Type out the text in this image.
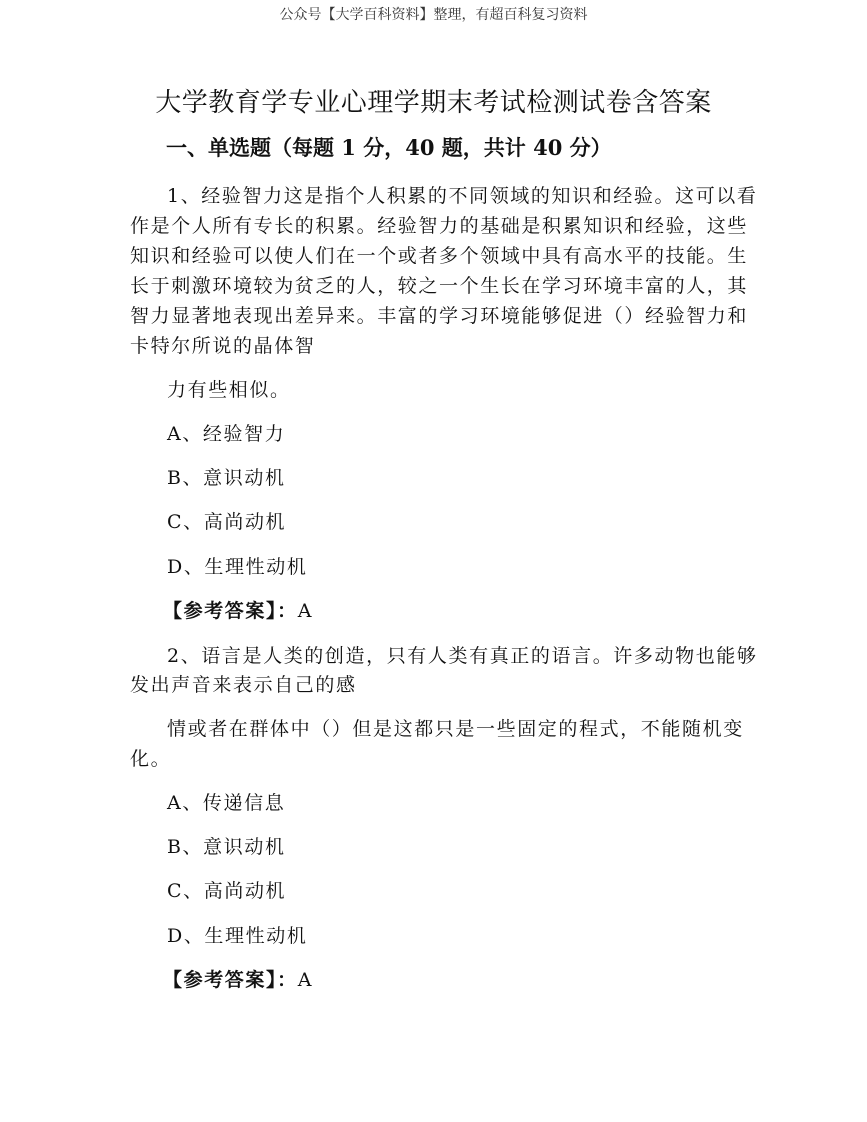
公众号【大学百科资料】整理，有超百科复习资料
大学教育学专业心理学期末考试检测试卷含答案
一、单选题（每题 1 分，40 题，共计 40 分）
1、经验智力这是指个人积累的不同领域的知识和经验。这可以看
作是个人所有专长的积累。经验智力的基础是积累知识和经验，这些
知识和经验可以使人们在一个或者多个领域中具有高水平的技能。生
长于刺激环境较为贫乏的人，较之一个生长在学习环境丰富的人，其
智力显著地表现出差异来。丰富的学习环境能够促进（）经验智力和
卡特尔所说的晶体智
力有些相似。
A、经验智力
B、意识动机
C、高尚动机
D、生理性动机
【参考答案】：A
2、语言是人类的创造，只有人类有真正的语言。许多动物也能够
发出声音来表示自己的感
情或者在群体中（）但是这都只是一些固定的程式，不能随机变
化。
A、传递信息
B、意识动机
C、高尚动机
D、生理性动机
【参考答案】：A
